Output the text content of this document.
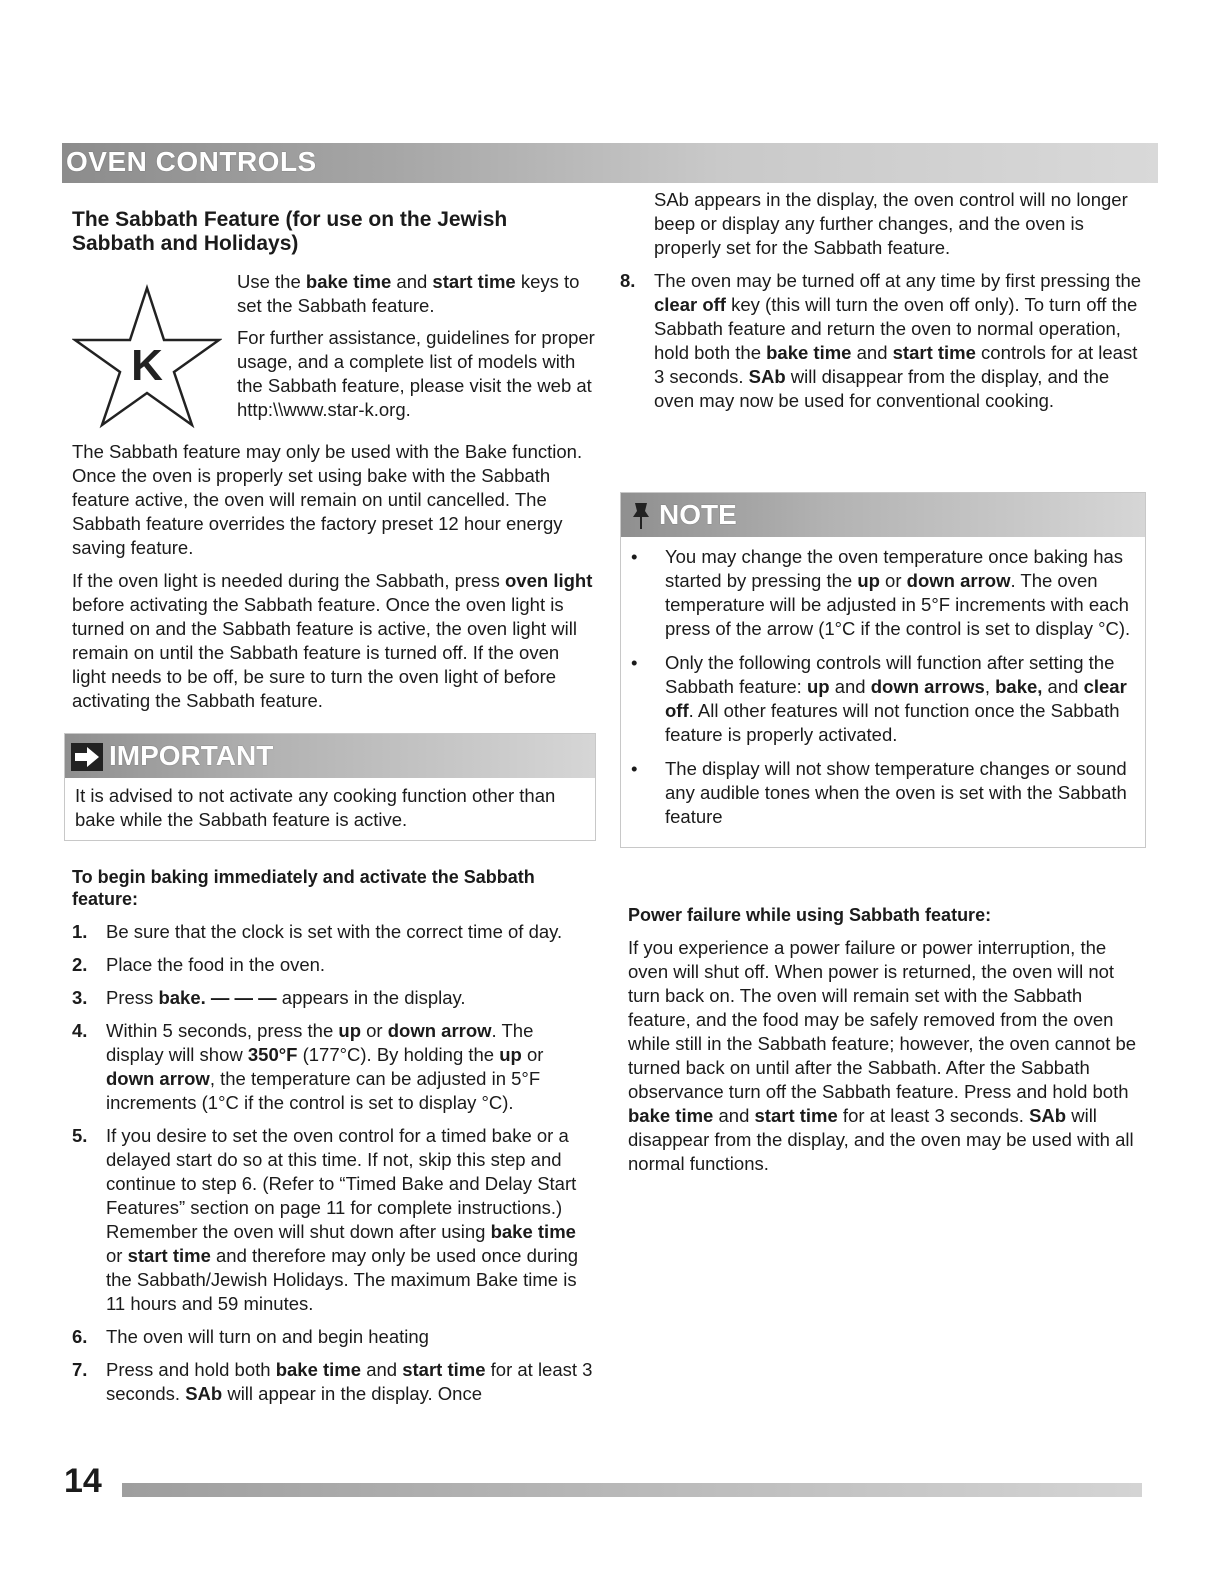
OVEN CONTROLS
The Sabbath Feature (for use on the Jewish Sabbath and Holidays)
K

Use the bake time and start time keys to set the Sabbath feature.

For further assistance, guidelines for proper usage, and a complete list of models with the Sabbath feature, please visit the web at http:\\www.star-k.org.

The Sabbath feature may only be used with the Bake function. Once the oven is properly set using bake with the Sabbath feature active, the oven will remain on until cancelled. The Sabbath feature overrides the factory preset 12 hour energy saving feature.

If the oven light is needed during the Sabbath, press oven light before activating the Sabbath feature. Once the oven light is turned on and the Sabbath feature is active, the oven light will remain on until the Sabbath feature is turned off. If the oven light needs to be off, be sure to turn the oven light of before activating the Sabbath feature.

IMPORTANT
It is advised to not activate any cooking function other than bake while the Sabbath feature is active.
To begin baking immediately and activate the Sabbath feature:
1. Be sure that the clock is set with the correct time of day.
2. Place the food in the oven.
3. Press bake. — — — appears in the display.
4. Within 5 seconds, press the up or down arrow. The display will show 350°F (177°C). By holding the up or down arrow, the temperature can be adjusted in 5°F increments (1°C if the control is set to display °C).
5. If you desire to set the oven control for a timed bake or a delayed start do so at this time. If not, skip this step and continue to step 6. (Refer to “Timed Bake and Delay Start Features” section on page 11 for complete instructions.) Remember the oven will shut down after using bake time or start time and therefore may only be used once during the Sabbath/Jewish Holidays. The maximum Bake time is 11 hours and 59 minutes.
6. The oven will turn on and begin heating
7. Press and hold both bake time and start time for at least 3 seconds. SAb will appear in the display. Once

SAb appears in the display, the oven control will no longer beep or display any further changes, and the oven is properly set for the Sabbath feature.

8. The oven may be turned off at any time by first pressing the clear off key (this will turn the oven off only). To turn off the Sabbath feature and return the oven to normal operation, hold both the bake time and start time controls for at least 3 seconds. SAb will disappear from the display, and the oven may now be used for conventional cooking.
NOTE
• You may change the oven temperature once baking has started by pressing the up or down arrow. The oven temperature will be adjusted in 5°F increments with each press of the arrow (1°C if the control is set to display °C).
• Only the following controls will function after setting the Sabbath feature: up and down arrows, bake, and clear off. All other features will not function once the Sabbath feature is properly activated.
• The display will not show temperature changes or sound any audible tones when the oven is set with the Sabbath feature
Power failure while using Sabbath feature:

If you experience a power failure or power interruption, the oven will shut off. When power is returned, the oven will not turn back on. The oven will remain set with the Sabbath feature, and the food may be safely removed from the oven while still in the Sabbath feature; however, the oven cannot be turned back on until after the Sabbath. After the Sabbath observance turn off the Sabbath feature. Press and hold both bake time and start time for at least 3 seconds. SAb will disappear from the display, and the oven may be used with all normal functions.

14
